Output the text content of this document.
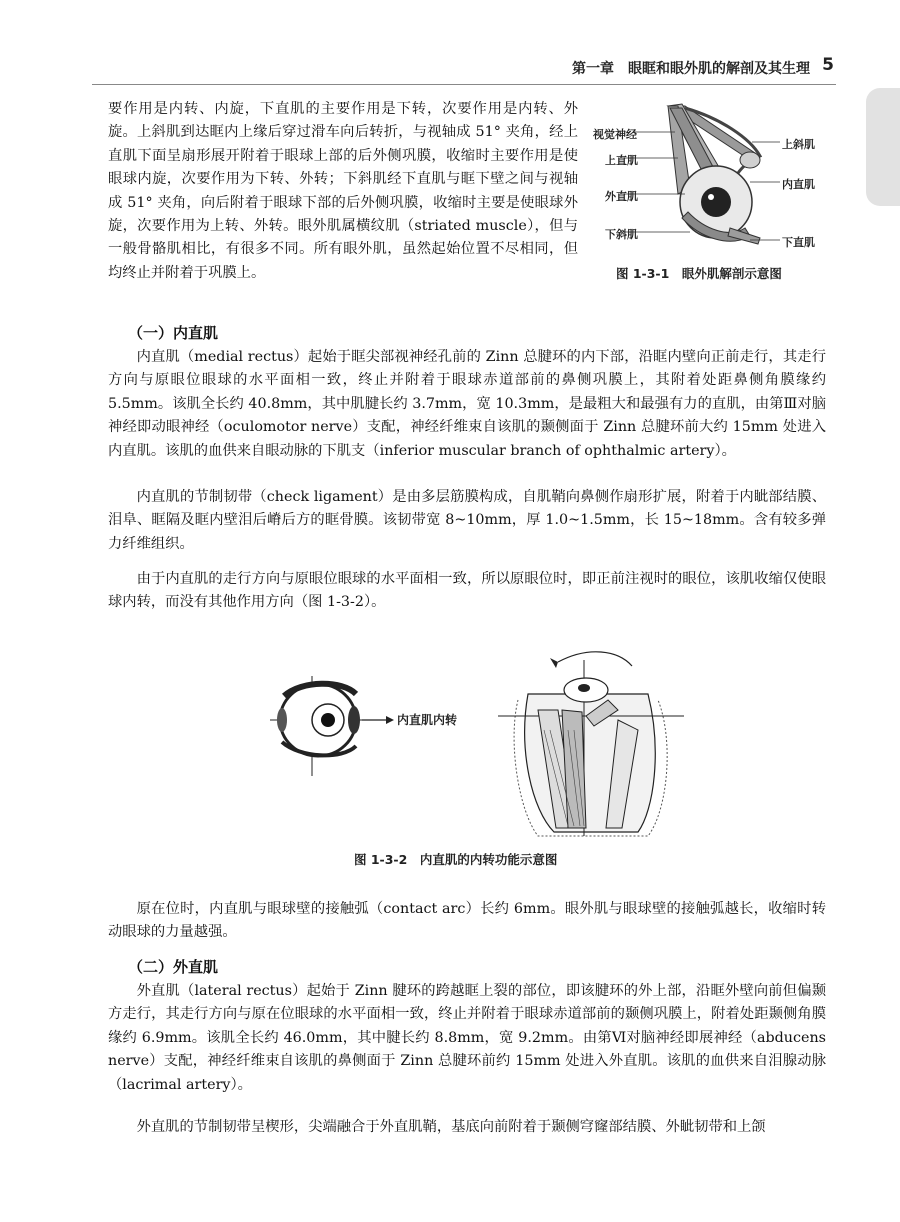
第一章　眼眶和眼外肌的解剖及其生理 5

要作用是内转、内旋，下直肌的主要作用是下转，次要作用是内转、外旋。上斜肌到达眶内上缘后穿过滑车向后转折，与视轴成 51° 夹角，经上直肌下面呈扇形展开附着于眼球上部的后外侧巩膜，收缩时主要作用是使眼球内旋，次要作用为下转、外转；下斜肌经下直肌与眶下壁之间与视轴成 51° 夹角，向后附着于眼球下部的后外侧巩膜，收缩时主要是使眼球外旋，次要作用为上转、外转。眼外肌属横纹肌（striated muscle），但与一般骨骼肌相比，有很多不同。所有眼外肌，虽然起始位置不尽相同，但均终止并附着于巩膜上。

视觉神经
上直肌
外直肌
下斜肌
上斜肌
内直肌
下直肌
图 1-3-1　眼外肌解剖示意图
（一）内直肌

内直肌（medial rectus）起始于眶尖部视神经孔前的 Zinn 总腱环的内下部，沿眶内壁向正前走行，其走行方向与原眼位眼球的水平面相一致，终止并附着于眼球赤道部前的鼻侧巩膜上，其附着处距鼻侧角膜缘约 5.5mm。该肌全长约 40.8mm，其中肌腱长约 3.7mm，宽 10.3mm，是最粗大和最强有力的直肌，由第Ⅲ对脑神经即动眼神经（oculomotor nerve）支配，神经纤维束自该肌的颞侧面于 Zinn 总腱环前大约 15mm 处进入内直肌。该肌的血供来自眼动脉的下肌支（inferior muscular branch of ophthalmic artery）。

内直肌的节制韧带（check ligament）是由多层筋膜构成，自肌鞘向鼻侧作扇形扩展，附着于内眦部结膜、泪阜、眶隔及眶内壁泪后嵴后方的眶骨膜。该韧带宽 8~10mm，厚 1.0~1.5mm，长 15~18mm。含有较多弹力纤维组织。

由于内直肌的走行方向与原眼位眼球的水平面相一致，所以原眼位时，即正前注视时的眼位，该肌收缩仅使眼球内转，而没有其他作用方向（图 1-3-2）。

内直肌内转
图 1-3-2　内直肌的内转功能示意图

原在位时，内直肌与眼球壁的接触弧（contact arc）长约 6mm。眼外肌与眼球壁的接触弧越长，收缩时转动眼球的力量越强。

（二）外直肌

外直肌（lateral rectus）起始于 Zinn 腱环的跨越眶上裂的部位，即该腱环的外上部，沿眶外壁向前但偏颞方走行，其走行方向与原在位眼球的水平面相一致，终止并附着于眼球赤道部前的颞侧巩膜上，附着处距颞侧角膜缘约 6.9mm。该肌全长约 46.0mm，其中腱长约 8.8mm，宽 9.2mm。由第Ⅵ对脑神经即展神经（abducens nerve）支配，神经纤维束自该肌的鼻侧面于 Zinn 总腱环前约 15mm 处进入外直肌。该肌的血供来自泪腺动脉（lacrimal artery）。

外直肌的节制韧带呈楔形，尖端融合于外直肌鞘，基底向前附着于颞侧穹窿部结膜、外眦韧带和上颌
